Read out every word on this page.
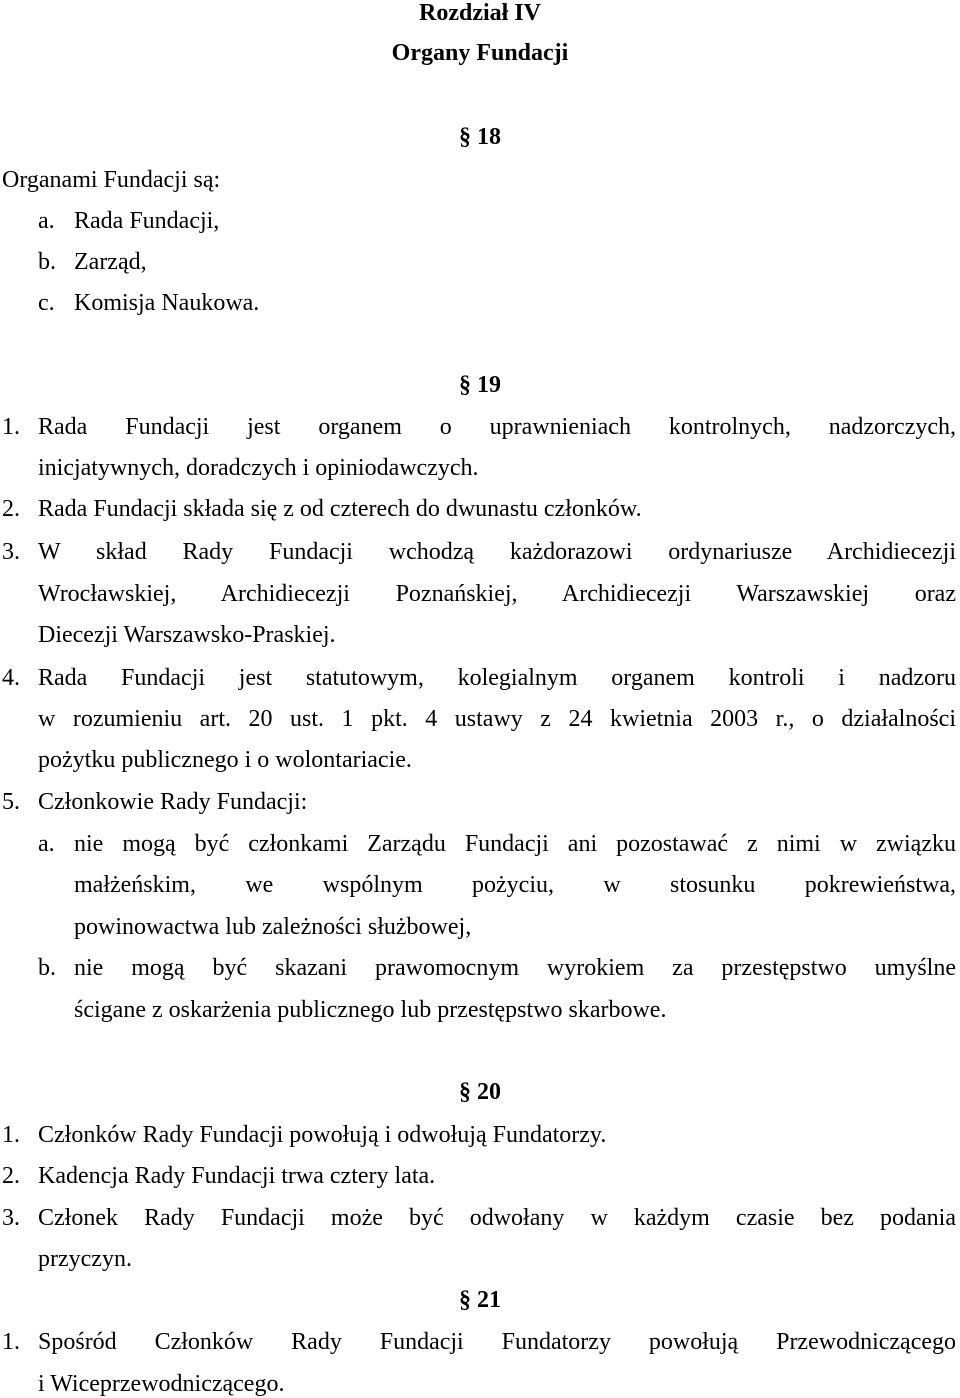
Rozdział IV
Organy Fundacji
§ 18
Organami Fundacji są:
a. Rada Fundacji,
b. Zarząd,
c. Komisja Naukowa.
§ 19
1. Rada Fundacji jest organem o uprawnieniach kontrolnych, nadzorczych,
inicjatywnych, doradczych i opiniodawczych.
2. Rada Fundacji składa się z od czterech do dwunastu członków.
3. W skład Rady Fundacji wchodzą każdorazowi ordynariusze Archidiecezji
Wrocławskiej, Archidiecezji Poznańskiej, Archidiecezji Warszawskiej oraz
Diecezji Warszawsko-Praskiej.
4. Rada Fundacji jest statutowym, kolegialnym organem kontroli i nadzoru
w rozumieniu art. 20 ust. 1 pkt. 4 ustawy z 24 kwietnia 2003 r., o działalności
pożytku publicznego i o wolontariacie.
5. Członkowie Rady Fundacji:
a. nie mogą być członkami Zarządu Fundacji ani pozostawać z nimi w związku
małżeńskim, we wspólnym pożyciu, w stosunku pokrewieństwa,
powinowactwa lub zależności służbowej,
b. nie mogą być skazani prawomocnym wyrokiem za przestępstwo umyślne
ścigane z oskarżenia publicznego lub przestępstwo skarbowe.
§ 20
1. Członków Rady Fundacji powołują i odwołują Fundatorzy.
2. Kadencja Rady Fundacji trwa cztery lata.
3. Członek Rady Fundacji może być odwołany w każdym czasie bez podania
przyczyn.
§ 21
1. Spośród Członków Rady Fundacji Fundatorzy powołują Przewodniczącego
i Wiceprzewodniczącego.
